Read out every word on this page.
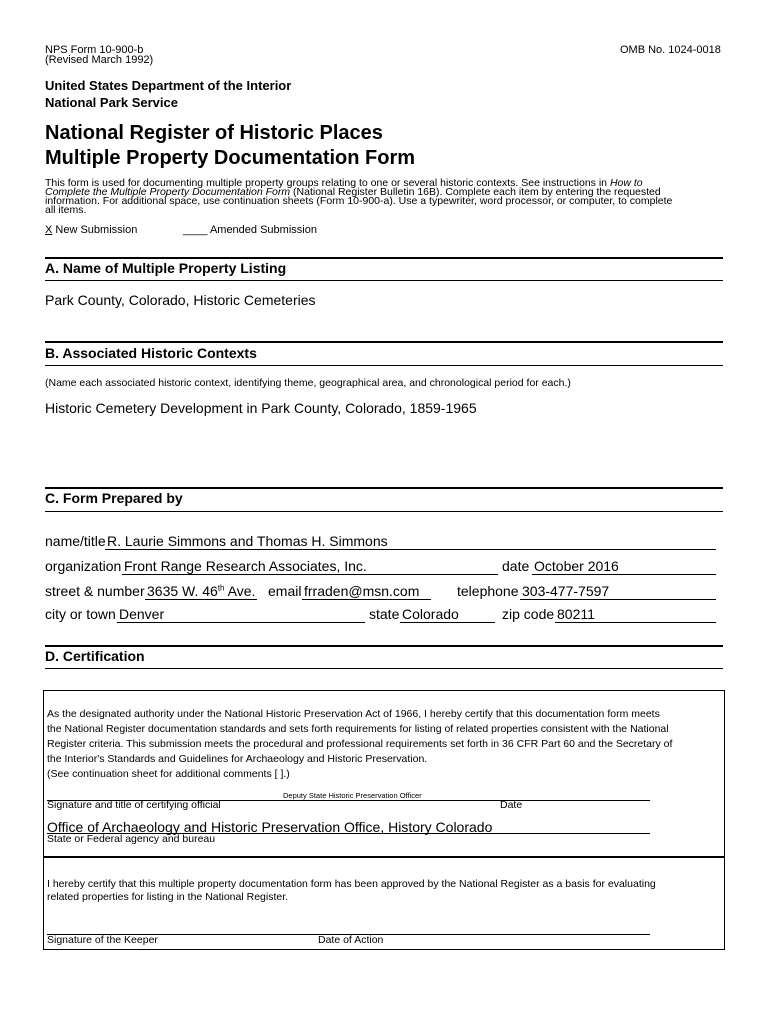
NPS Form 10-900-b
(Revised March 1992)
OMB No. 1024-0018
United States Department of the Interior
National Park Service
National Register of Historic Places
Multiple Property Documentation Form
This form is used for documenting multiple property groups relating to one or several historic contexts. See instructions in How to
Complete the Multiple Property Documentation Form (National Register Bulletin 16B). Complete each item by entering the requested
information. For additional space, use continuation sheets (Form 10-900-a). Use a typewriter, word processor, or computer, to complete
all items.
X New Submission	____ Amended Submission
A. Name of Multiple Property Listing
Park County, Colorado, Historic Cemeteries
B. Associated Historic Contexts
(Name each associated historic context, identifying theme, geographical area, and chronological period for each.)
Historic Cemetery Development in Park County, Colorado, 1859-1965
C. Form Prepared by
name/title R. Laurie Simmons and Thomas H. Simmons
organization Front Range Research Associates, Inc.	date October 2016
street & number 3635 W. 46th Ave. email frraden@msn.com	telephone 303-477-7597
city or town Denver	state Colorado	zip code 80211
D. Certification
As the designated authority under the National Historic Preservation Act of 1966, I hereby certify that this documentation form meets
the National Register documentation standards and sets forth requirements for listing of related properties consistent with the National
Register criteria. This submission meets the procedural and professional requirements set forth in 36 CFR Part 60 and the Secretary of
the Interior's Standards and Guidelines for Archaeology and Historic Preservation.
(See continuation sheet for additional comments [ ].)
Deputy State Historic Preservation Officer
Signature and title of certifying official	Date
Office of Archaeology and Historic Preservation Office, History Colorado
State or Federal agency and bureau
I hereby certify that this multiple property documentation form has been approved by the National Register as a basis for evaluating
related properties for listing in the National Register.
Signature of the Keeper	Date of Action
